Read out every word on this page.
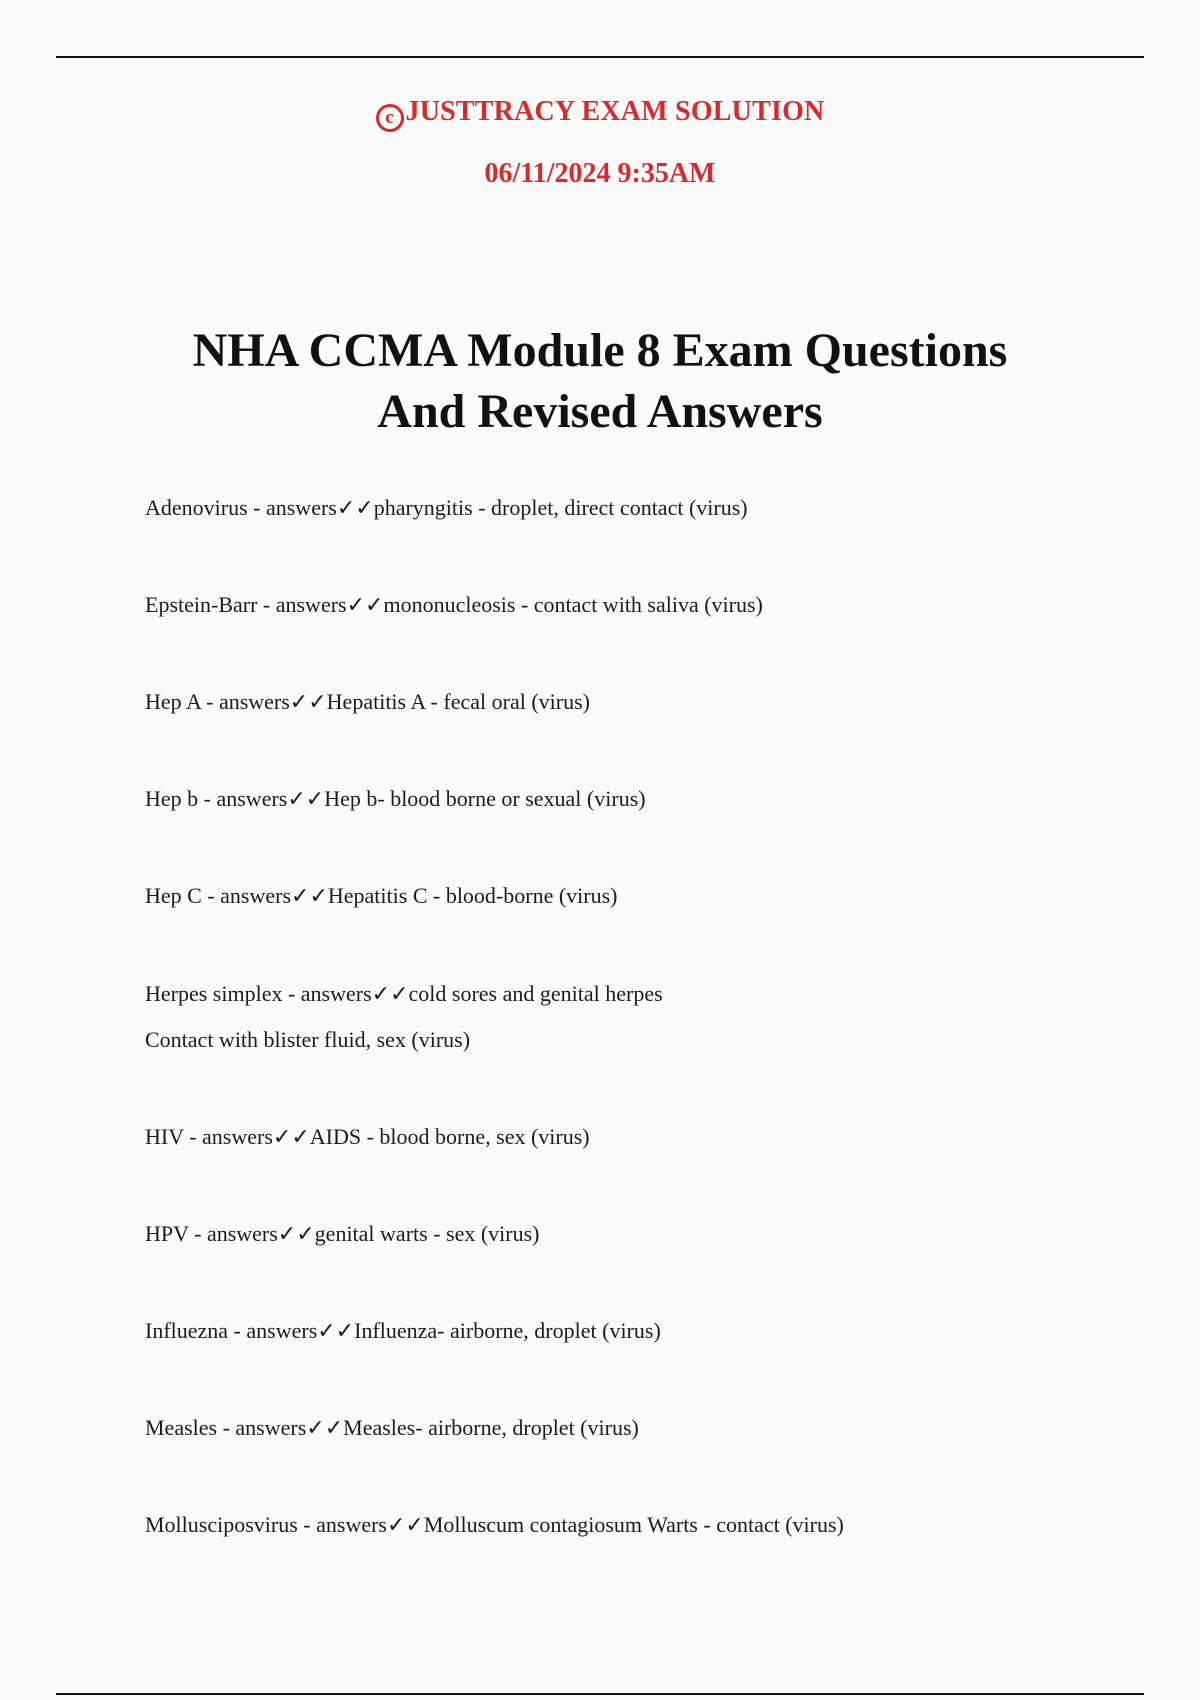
c JUSTTRACY EXAM SOLUTION
06/11/2024 9:35AM
NHA CCMA Module 8 Exam Questions
And Revised Answers
Adenovirus - answers✓✓pharyngitis - droplet, direct contact (virus)
Epstein-Barr - answers✓✓mononucleosis - contact with saliva (virus)
Hep A - answers✓✓Hepatitis A - fecal oral (virus)
Hep b - answers✓✓Hep b- blood borne or sexual (virus)
Hep C - answers✓✓Hepatitis C - blood-borne (virus)
Herpes simplex - answers✓✓cold sores and genital herpes
Contact with blister fluid, sex (virus)
HIV - answers✓✓AIDS - blood borne, sex (virus)
HPV - answers✓✓genital warts - sex (virus)
Influezna - answers✓✓Influenza- airborne, droplet (virus)
Measles - answers✓✓Measles- airborne, droplet (virus)
Mollusciposvirus - answers✓✓Molluscum contagiosum Warts - contact (virus)
